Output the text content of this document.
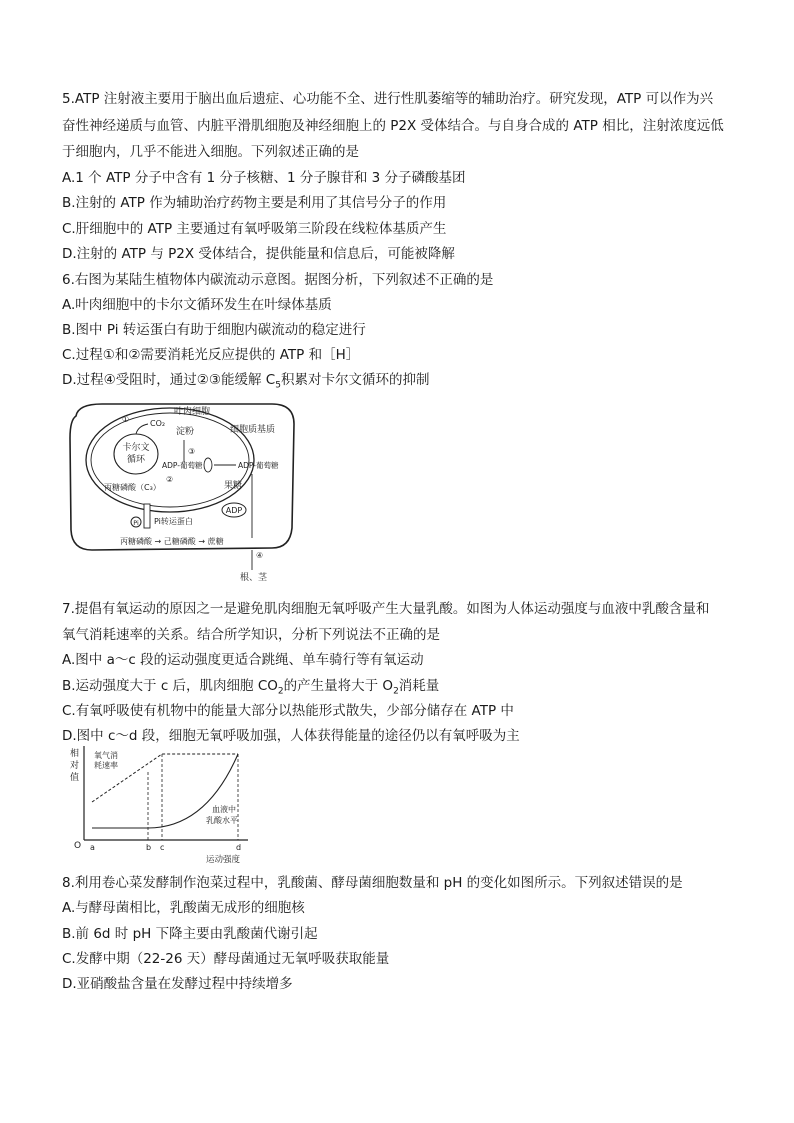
5.ATP 注射液主要用于脑出血后遗症、心功能不全、进行性肌萎缩等的辅助治疗。研究发现，ATP 可以作为兴
奋性神经递质与血管、内脏平滑肌细胞及神经细胞上的 P2X 受体结合。与自身合成的 ATP 相比，注射浓度远低
于细胞内，几乎不能进入细胞。下列叙述正确的是
A.1 个 ATP 分子中含有 1 分子核糖、1 分子腺苷和 3 分子磷酸基团
B.注射的 ATP 作为辅助治疗药物主要是利用了其信号分子的作用
C.肝细胞中的 ATP 主要通过有氧呼吸第三阶段在线粒体基质产生
D.注射的 ATP 与 P2X 受体结合，提供能量和信息后，可能被降解
6.右图为某陆生植物体内碳流动示意图。据图分析，下列叙述不正确的是
A.叶肉细胞中的卡尔文循环发生在叶绿体基质
B.图中 Pi 转运蛋白有助于细胞内碳流动的稳定进行
C.过程①和②需要消耗光反应提供的 ATP 和［H］
D.过程④受阻时，通过②③能缓解 $C_5$积累对卡尔文循环的抑制
卡尔文
循环
CO₂
①
叶肉细胞
细胞质基质
淀粉
③
ADP-葡萄糖	ADP-葡萄糖
②
丙糖磷酸（C₃）	果糖
ADP
Pi Pi转运蛋白
丙糖磷酸 → 己糖磷酸 → 蔗糖
④
根、茎
7.提倡有氧运动的原因之一是避免肌肉细胞无氧呼吸产生大量乳酸。如图为人体运动强度与血液中乳酸含量和
氧气消耗速率的关系。结合所学知识，分析下列说法不正确的是
A.图中 a～c 段的运动强度更适合跳绳、单车骑行等有氧运动
B.运动强度大于 c 后，肌肉细胞 $CO_2$的产生量将大于 $O_2$消耗量
C.有氧呼吸使有机物中的能量大部分以热能形式散失，少部分储存在 ATP 中
D.图中 c～d 段，细胞无氧呼吸加强，人体获得能量的途径仍以有氧呼吸为主
相
对
值
O
氧气消
耗速率
血液中
乳酸水平
a	b c	d
运动强度
8.利用卷心菜发酵制作泡菜过程中，乳酸菌、酵母菌细胞数量和 pH 的变化如图所示。下列叙述错误的是
A.与酵母菌相比，乳酸菌无成形的细胞核
B.前 6d 时 pH 下降主要由乳酸菌代谢引起
C.发酵中期（22-26 天）酵母菌通过无氧呼吸获取能量
D.亚硝酸盐含量在发酵过程中持续增多
